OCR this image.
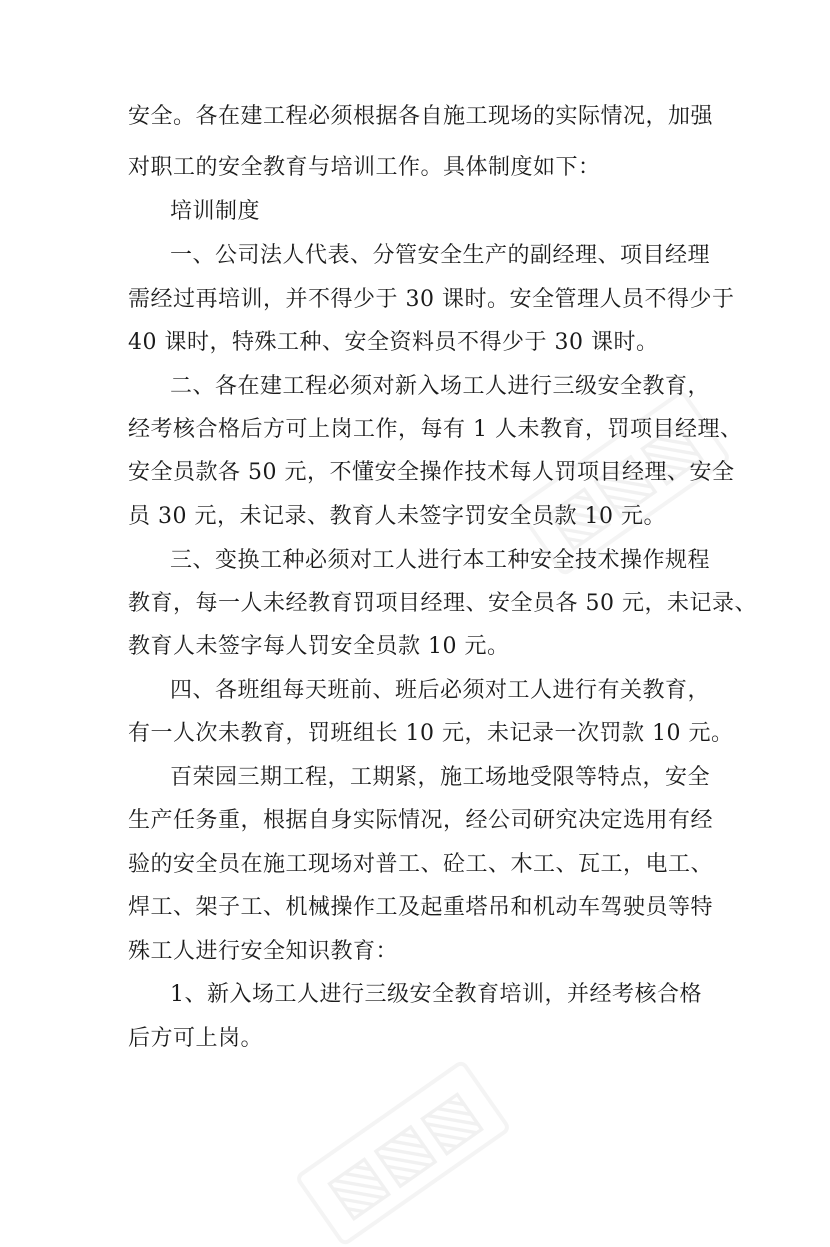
▧▧▧
▧▧▧
安全。各在建工程必须根据各自施工现场的实际情况，加强
对职工的安全教育与培训工作。具体制度如下：
培训制度
一、公司法人代表、分管安全生产的副经理、项目经理
需经过再培训，并不得少于 30 课时。安全管理人员不得少于
40 课时，特殊工种、安全资料员不得少于 30 课时。
二、各在建工程必须对新入场工人进行三级安全教育，
经考核合格后方可上岗工作，每有 1 人未教育，罚项目经理、
安全员款各 50 元，不懂安全操作技术每人罚项目经理、安全
员 30 元，未记录、教育人未签字罚安全员款 10 元。
三、变换工种必须对工人进行本工种安全技术操作规程
教育，每一人未经教育罚项目经理、安全员各 50 元，未记录、
教育人未签字每人罚安全员款 10 元。
四、各班组每天班前、班后必须对工人进行有关教育，
有一人次未教育，罚班组长 10 元，未记录一次罚款 10 元。
百荣园三期工程，工期紧，施工场地受限等特点，安全
生产任务重，根据自身实际情况，经公司研究决定选用有经
验的安全员在施工现场对普工、砼工、木工、瓦工，电工、
焊工、架子工、机械操作工及起重塔吊和机动车驾驶员等特
殊工人进行安全知识教育：
1、新入场工人进行三级安全教育培训，并经考核合格
后方可上岗。
